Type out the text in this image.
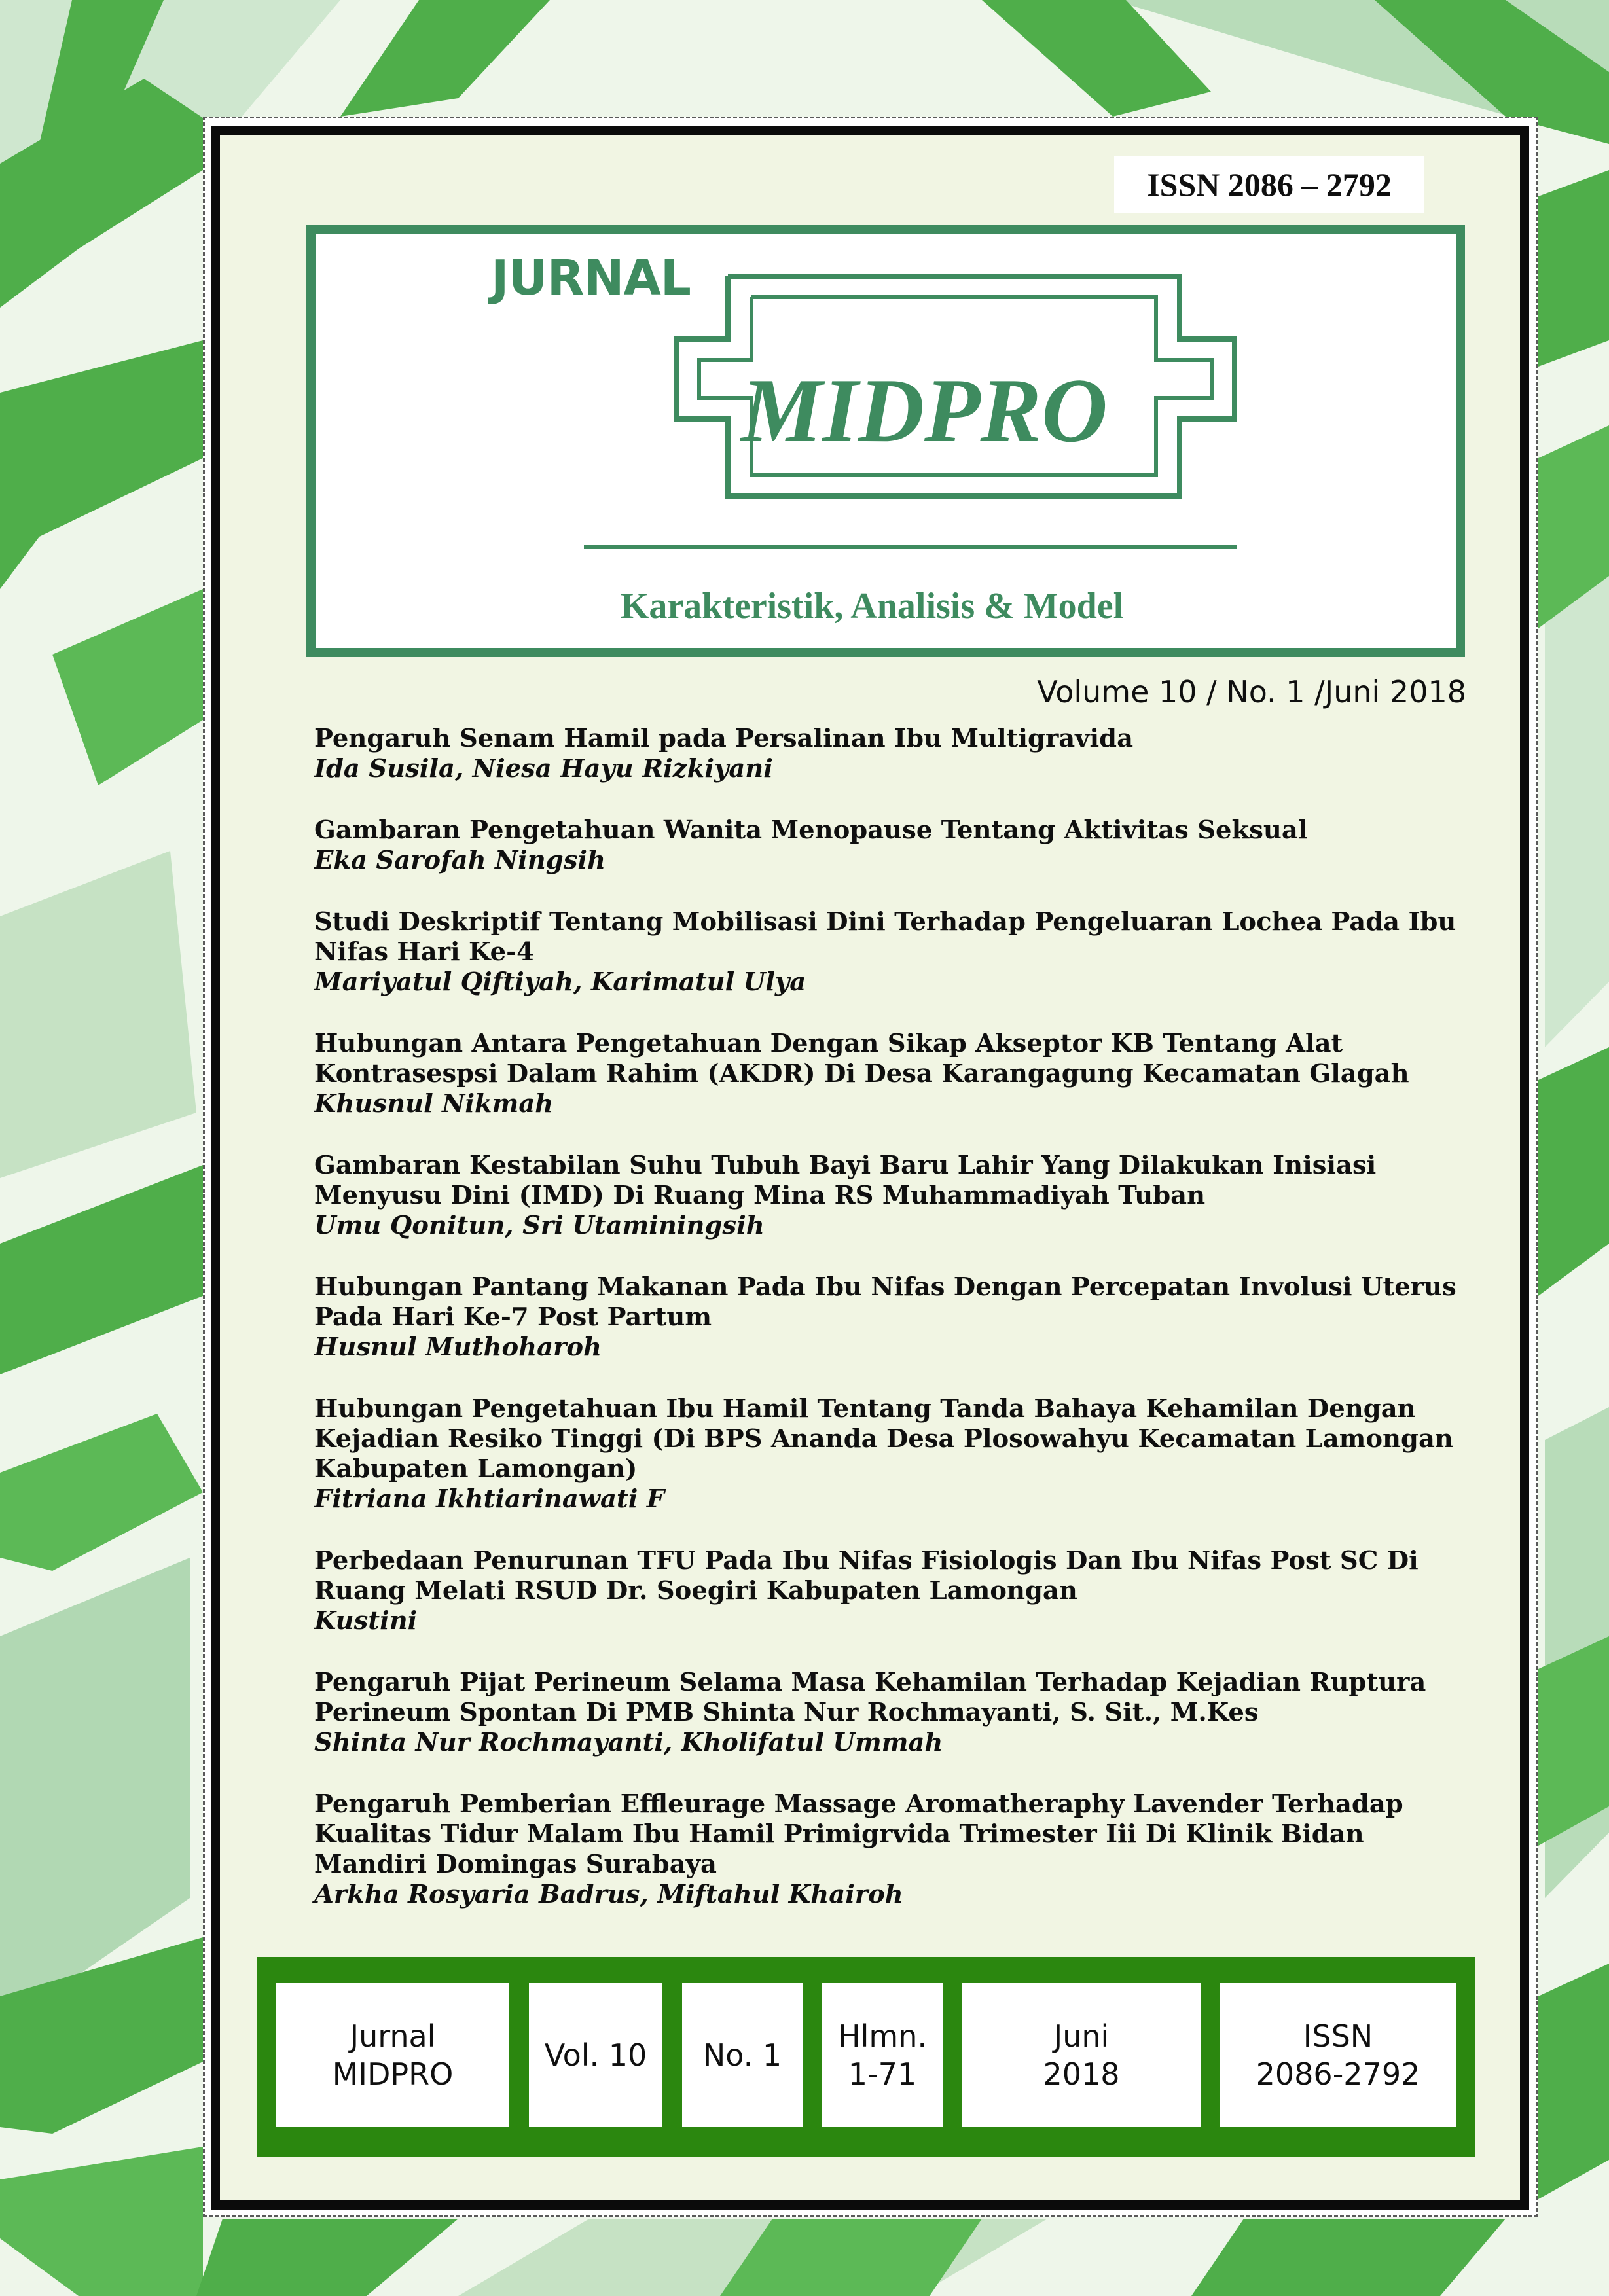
ISSN 2086 – 2792
JURNAL
MIDPRO
Karakteristik, Analisis & Model
Volume 10 / No. 1 /Juni 2018
Pengaruh Senam Hamil pada Persalinan Ibu Multigravida
Ida Susila, Niesa Hayu Rizkiyani
Gambaran Pengetahuan Wanita Menopause Tentang Aktivitas Seksual
Eka Sarofah Ningsih
Studi Deskriptif Tentang Mobilisasi Dini Terhadap Pengeluaran Lochea Pada Ibu
Nifas Hari Ke-4
Mariyatul Qiftiyah, Karimatul Ulya
Hubungan Antara Pengetahuan Dengan Sikap Akseptor KB Tentang Alat
Kontrasespsi Dalam Rahim (AKDR) Di Desa Karangagung Kecamatan Glagah
Khusnul Nikmah
Gambaran Kestabilan Suhu Tubuh Bayi Baru Lahir Yang Dilakukan Inisiasi
Menyusu Dini (IMD) Di Ruang Mina RS Muhammadiyah Tuban
Umu Qonitun, Sri Utaminingsih
Hubungan Pantang Makanan Pada Ibu Nifas Dengan Percepatan Involusi Uterus
Pada Hari Ke-7 Post Partum
Husnul Muthoharoh
Hubungan Pengetahuan Ibu Hamil Tentang Tanda Bahaya Kehamilan Dengan
Kejadian Resiko Tinggi (Di BPS Ananda Desa Plosowahyu Kecamatan Lamongan
Kabupaten Lamongan)
Fitriana Ikhtiarinawati F
Perbedaan Penurunan TFU Pada Ibu Nifas Fisiologis Dan Ibu Nifas Post SC Di
Ruang Melati RSUD Dr. Soegiri Kabupaten Lamongan
Kustini
Pengaruh Pijat Perineum Selama Masa Kehamilan Terhadap Kejadian Ruptura
Perineum Spontan Di PMB Shinta Nur Rochmayanti, S. Sit., M.Kes
Shinta Nur Rochmayanti, Kholifatul Ummah
Pengaruh Pemberian Effleurage Massage Aromatheraphy Lavender Terhadap
Kualitas Tidur Malam Ibu Hamil Primigrvida Trimester Iii Di Klinik Bidan
Mandiri Domingas Surabaya
Arkha Rosyaria Badrus, Miftahul Khairoh
Jurnal
MIDPRO
Vol. 10 No. 1
Hlmn.
1-71
Juni
2018
ISSN
2086-2792
